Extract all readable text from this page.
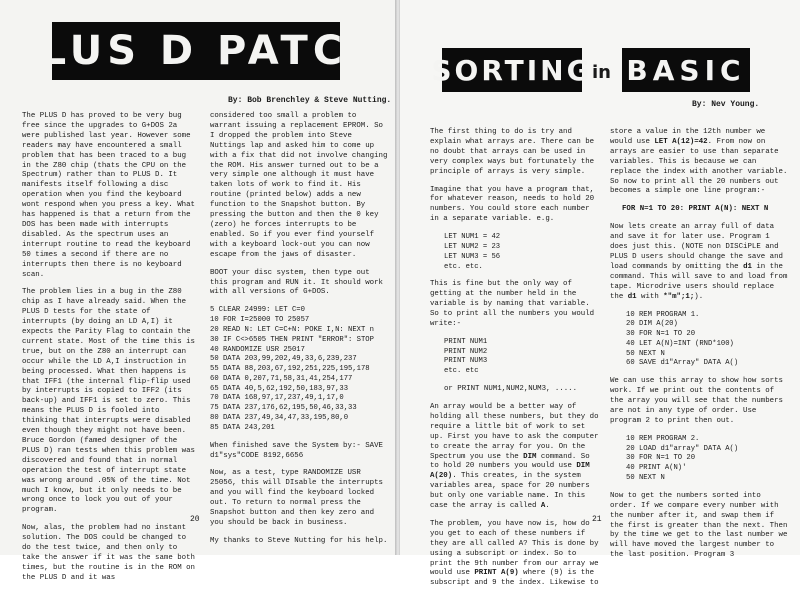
PLUS D PATCH
By: Bob Brenchley & Steve Nutting.

The PLUS D has proved to be very bug free since the upgrades to G+DOS 2a were published last year. However some readers may have encountered a small problem that has been traced to a bug in the Z80 chip (thats the CPU on the Spectrum) rather than to PLUS D. It manifests itself following a disc operation when you find the keyboard wont respond when you press a key. What has happened is that a return from the DOS has been made with interrupts disabled. As the spectrum uses an interrupt routine to read the keyboard 50 times a second if there are no interrupts then there is no keyboard scan.

The problem lies in a bug in the Z80 chip as I have already said. When the PLUS D tests for the state of interrupts (by doing an LD A,I) it expects the Parity Flag to contain the current state. Most of the time this is true, but on the Z80 an interrupt can occur while the LD A,I instruction in being processed. What then happens is that IFF1 (the internal flip-flip used by interrupts is copied to IFF2 (its back-up) and IFF1 is set to zero. This means the PLUS D is fooled into thinking that interrupts were disabled even though they might not have been. Bruce Gordon (famed designer of the PLUS D) ran tests when this problem was discovered and found that in normal operation the test of interrupt state was wrong around .05% of the time. Not much I know, but it only needs to be wrong once to lock you out of your program.

Now, alas, the problem had no instant solution. The DOS could be changed to do the test twice, and then only to take the answer if it was the same both times, but the routine is in the ROM on the PLUS D and it was

considered too small a problem to warrant issuing a replacement EPROM. So I dropped the problem into Steve Nuttings lap and asked him to come up with a fix that did not involve changing the ROM. His answer turned out to be a very simple one although it must have taken lots of work to find it. His routine (printed below) adds a new function to the Snapshot button. By pressing the button and then the 0 key (zero) he forces interrupts to be enabled. So if you ever find yourself with a keyboard lock-out you can now escape from the jaws of disaster.

BOOT your disc system, then type out this program and RUN it. It should work with all versions of G+DOS.

5 CLEAR 24999: LET C=0
10 FOR I=25000 TO 25057
20 READ N: LET C=C+N: POKE I,N: NEXT n
30 IF C<>6505 THEN PRINT "ERROR": STOP
40 RANDOMIZE USR 25017
50 DATA 203,99,202,49,33,6,239,237
55 DATA 88,203,67,192,251,225,195,178
60 DATA 0,207,71,58,31,41,254,177
65 DATA 40,5,62,192,50,183,97,33
70 DATA 168,97,17,237,49,1,17,0
75 DATA 237,176,62,195,50,46,33,33
80 DATA 237,49,34,47,33,195,80,0
85 DATA 243,201

When finished save the System by:- SAVE d1"sys"CODE 8192,6656

Now, as a test, type RANDOMIZE USR 25056, this will DIsable the interrupts and you will find the keyboard locked out. To return to normal press the Snapshot button and then key zero and you should be back in business.

My thanks to Steve Nutting for his help.

20
SORTING in BASIC
By: Nev Young.

The first thing to do is try and explain what arrays are. There can be no doubt that arrays can be used in very complex ways but fortunately the principle of arrays is very simple.

Imagine that you have a program that, for whatever reason, needs to hold 20 numbers. You could store each number in a separate variable. e.g.

LET NUM1 = 42
LET NUM2 = 23
LET NUM3 = 56
etc. etc.

This is fine but the only way of getting at the number held in the variable is by naming that variable. So to print all the numbers you would write:-

PRINT NUM1
PRINT NUM2
PRINT NUM3
etc. etc

or PRINT NUM1,NUM2,NUM3, .....

An array would be a better way of holding all these numbers, but they do require a little bit of work to set up. First you have to ask the computer to create the array for you. On the Spectrum you use the DIM command. So to hold 20 numbers you would use DIM A(20). This creates, in the system variables area, space for 20 numbers but only one variable name. In this case the array is called A.

The problem, you have now is, how do you get to each of these numbers if they are all called A? This is done by using a subscript or index. So to print the 9th number from our array we would use PRINT A(9) where (9) is the subscript and 9 the index. Likewise to

store a value in the 12th number we would use LET A(12)=42. From now on arrays are easier to use than separate variables. This is because we can replace the index with another variable. So now to print all the 20 numbers out becomes a simple one line program:-

FOR N=1 TO 20: PRINT A(N): NEXT N

Now lets create an array full of data and save it for later use. Program 1 does just this. (NOTE non DISCiPLE and PLUS D users should change the save and load commands by omitting the d1 in the command. This will save to and load from tape. Microdrive users should replace the d1 with *"m";1;).

10 REM PROGRAM 1.
20 DIM A(20)
30 FOR N=1 TO 20
40 LET A(N)=INT (RND*100)
50 NEXT N
60 SAVE d1"Array" DATA A()

We can use this array to show how sorts work. If we print out the contents of the array you will see that the numbers are not in any type of order. Use program 2 to print then out.

10 REM PROGRAM 2.
20 LOAD d1"array" DATA A()
30 FOR N=1 TO 20
40 PRINT A(N)'
50 NEXT N

Now to get the numbers sorted into order. If we compare every number with the number after it, and swap them if the first is greater than the next. Then by the time we get to the last number we will have moved the largest number to the last position. Program 3

21
